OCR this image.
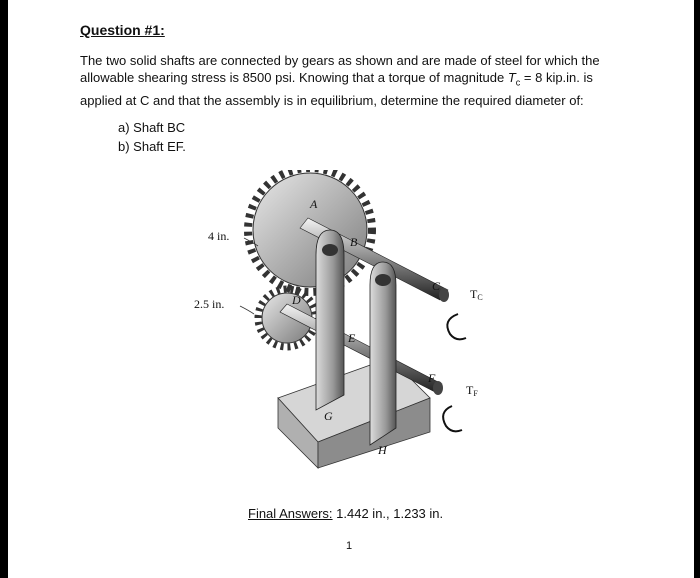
Question #1:
The two solid shafts are connected by gears as shown and are made of steel for which the
allowable shearing stress is 8500 psi. Knowing that a torque of magnitude $T_c = 8$ kip.in. is
applied at C and that the assembly is in equilibrium, determine the required diameter of:
a) Shaft BC
b) Shaft EF.
4 in.
2.5 in.
A
B
C
D
E
F
G
H
TC
TF
Final Answers: 1.442 in., 1.233 in.
1
